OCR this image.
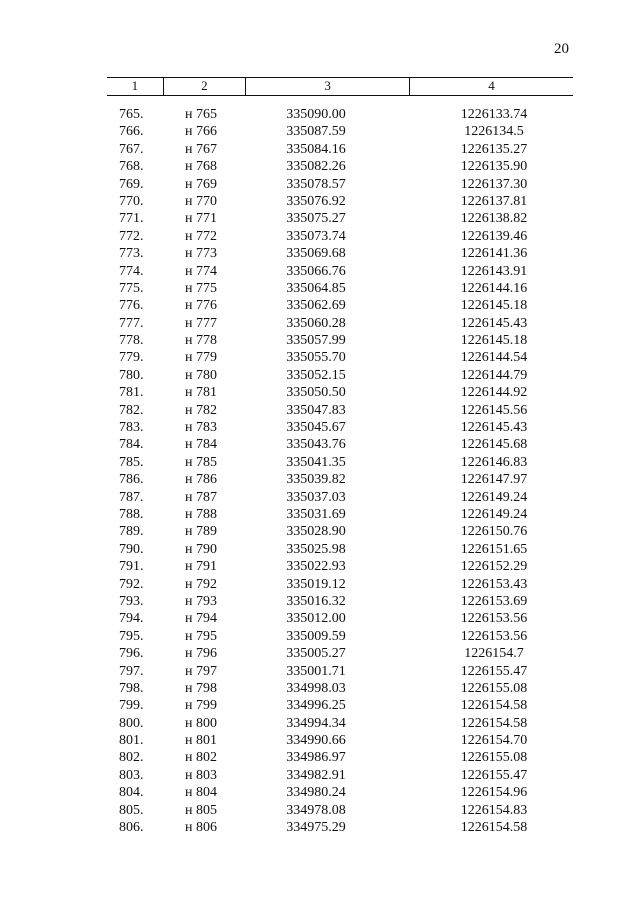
20
1	2	3	4
765.	н 765	335090.00	1226133.74
766.	н 766	335087.59	1226134.5
767.	н 767	335084.16	1226135.27
768.	н 768	335082.26	1226135.90
769.	н 769	335078.57	1226137.30
770.	н 770	335076.92	1226137.81
771.	н 771	335075.27	1226138.82
772.	н 772	335073.74	1226139.46
773.	н 773	335069.68	1226141.36
774.	н 774	335066.76	1226143.91
775.	н 775	335064.85	1226144.16
776.	н 776	335062.69	1226145.18
777.	н 777	335060.28	1226145.43
778.	н 778	335057.99	1226145.18
779.	н 779	335055.70	1226144.54
780.	н 780	335052.15	1226144.79
781.	н 781	335050.50	1226144.92
782.	н 782	335047.83	1226145.56
783.	н 783	335045.67	1226145.43
784.	н 784	335043.76	1226145.68
785.	н 785	335041.35	1226146.83
786.	н 786	335039.82	1226147.97
787.	н 787	335037.03	1226149.24
788.	н 788	335031.69	1226149.24
789.	н 789	335028.90	1226150.76
790.	н 790	335025.98	1226151.65
791.	н 791	335022.93	1226152.29
792.	н 792	335019.12	1226153.43
793.	н 793	335016.32	1226153.69
794.	н 794	335012.00	1226153.56
795.	н 795	335009.59	1226153.56
796.	н 796	335005.27	1226154.7
797.	н 797	335001.71	1226155.47
798.	н 798	334998.03	1226155.08
799.	н 799	334996.25	1226154.58
800.	н 800	334994.34	1226154.58
801.	н 801	334990.66	1226154.70
802.	н 802	334986.97	1226155.08
803.	н 803	334982.91	1226155.47
804.	н 804	334980.24	1226154.96
805.	н 805	334978.08	1226154.83
806.	н 806	334975.29	1226154.58
